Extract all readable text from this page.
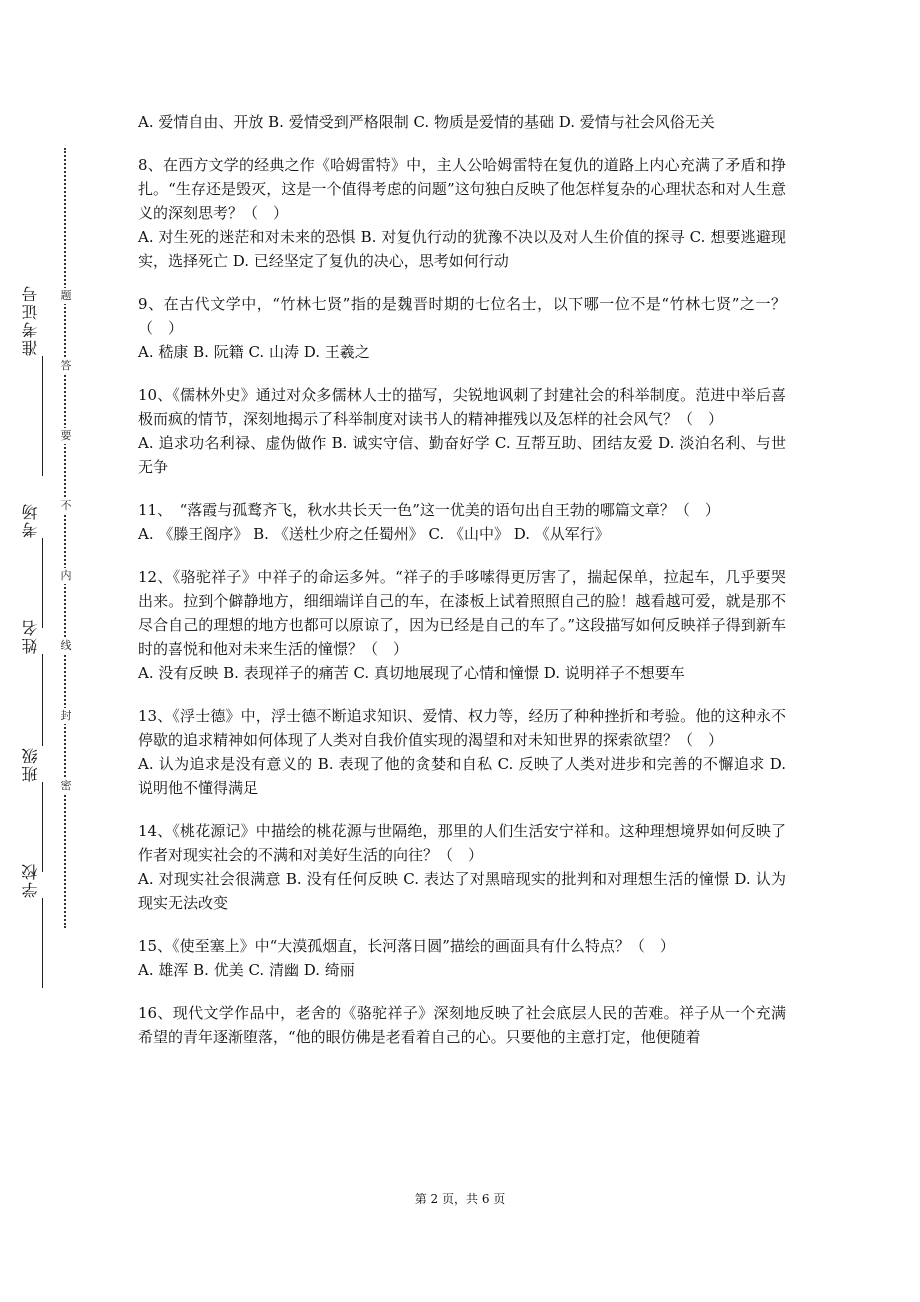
准考证号
考场
姓名
班级
学校
题
答
要
不
内
线
封
密

A. 爱情自由、开放 B. 爱情受到严格限制 C. 物质是爱情的基础 D. 爱情与社会风俗无关

8、在西方文学的经典之作《哈姆雷特》中，主人公哈姆雷特在复仇的道路上内心充满了矛盾和挣扎。“生存还是毁灭，这是一个值得考虑的问题”这句独白反映了他怎样复杂的心理状态和对人生意义的深刻思考？（　）

A. 对生死的迷茫和对未来的恐惧 B. 对复仇行动的犹豫不决以及对人生价值的探寻 C. 想要逃避现实，选择死亡 D. 已经坚定了复仇的决心，思考如何行动

9、在古代文学中，“竹林七贤”指的是魏晋时期的七位名士，以下哪一位不是“竹林七贤”之一？（　）

A. 嵇康 B. 阮籍 C. 山涛 D. 王羲之

10、《儒林外史》通过对众多儒林人士的描写，尖锐地讽刺了封建社会的科举制度。范进中举后喜极而疯的情节，深刻地揭示了科举制度对读书人的精神摧残以及怎样的社会风气？（　）

A. 追求功名利禄、虚伪做作 B. 诚实守信、勤奋好学 C. 互帮互助、团结友爱 D. 淡泊名利、与世无争

11、　“落霞与孤鹜齐飞，秋水共长天一色”这一优美的语句出自王勃的哪篇文章？（　）

A. 《滕王阁序》 B. 《送杜少府之任蜀州》 C. 《山中》 D. 《从军行》

12、《骆驼祥子》中祥子的命运多舛。“祥子的手哆嗦得更厉害了，揣起保单，拉起车，几乎要哭出来。拉到个僻静地方，细细端详自己的车，在漆板上试着照照自己的脸！越看越可爱，就是那不尽合自己的理想的地方也都可以原谅了，因为已经是自己的车了。”这段描写如何反映祥子得到新车时的喜悦和他对未来生活的憧憬？（　）

A. 没有反映 B. 表现祥子的痛苦 C. 真切地展现了心情和憧憬 D. 说明祥子不想要车

13、《浮士德》中，浮士德不断追求知识、爱情、权力等，经历了种种挫折和考验。他的这种永不停歇的追求精神如何体现了人类对自我价值实现的渴望和对未知世界的探索欲望？（　）

A. 认为追求是没有意义的 B. 表现了他的贪婪和自私 C. 反映了人类对进步和完善的不懈追求 D. 说明他不懂得满足

14、《桃花源记》中描绘的桃花源与世隔绝，那里的人们生活安宁祥和。这种理想境界如何反映了作者对现实社会的不满和对美好生活的向往？（　）

A. 对现实社会很满意 B. 没有任何反映 C. 表达了对黑暗现实的批判和对理想生活的憧憬 D. 认为现实无法改变

15、《使至塞上》中“大漠孤烟直，长河落日圆”描绘的画面具有什么特点？（　）

A. 雄浑 B. 优美 C. 清幽 D. 绮丽

16、现代文学作品中，老舍的《骆驼祥子》深刻地反映了社会底层人民的苦难。祥子从一个充满希望的青年逐渐堕落，“他的眼仿佛是老看着自己的心。只要他的主意打定，他便随着

第 2 页，共 6 页
